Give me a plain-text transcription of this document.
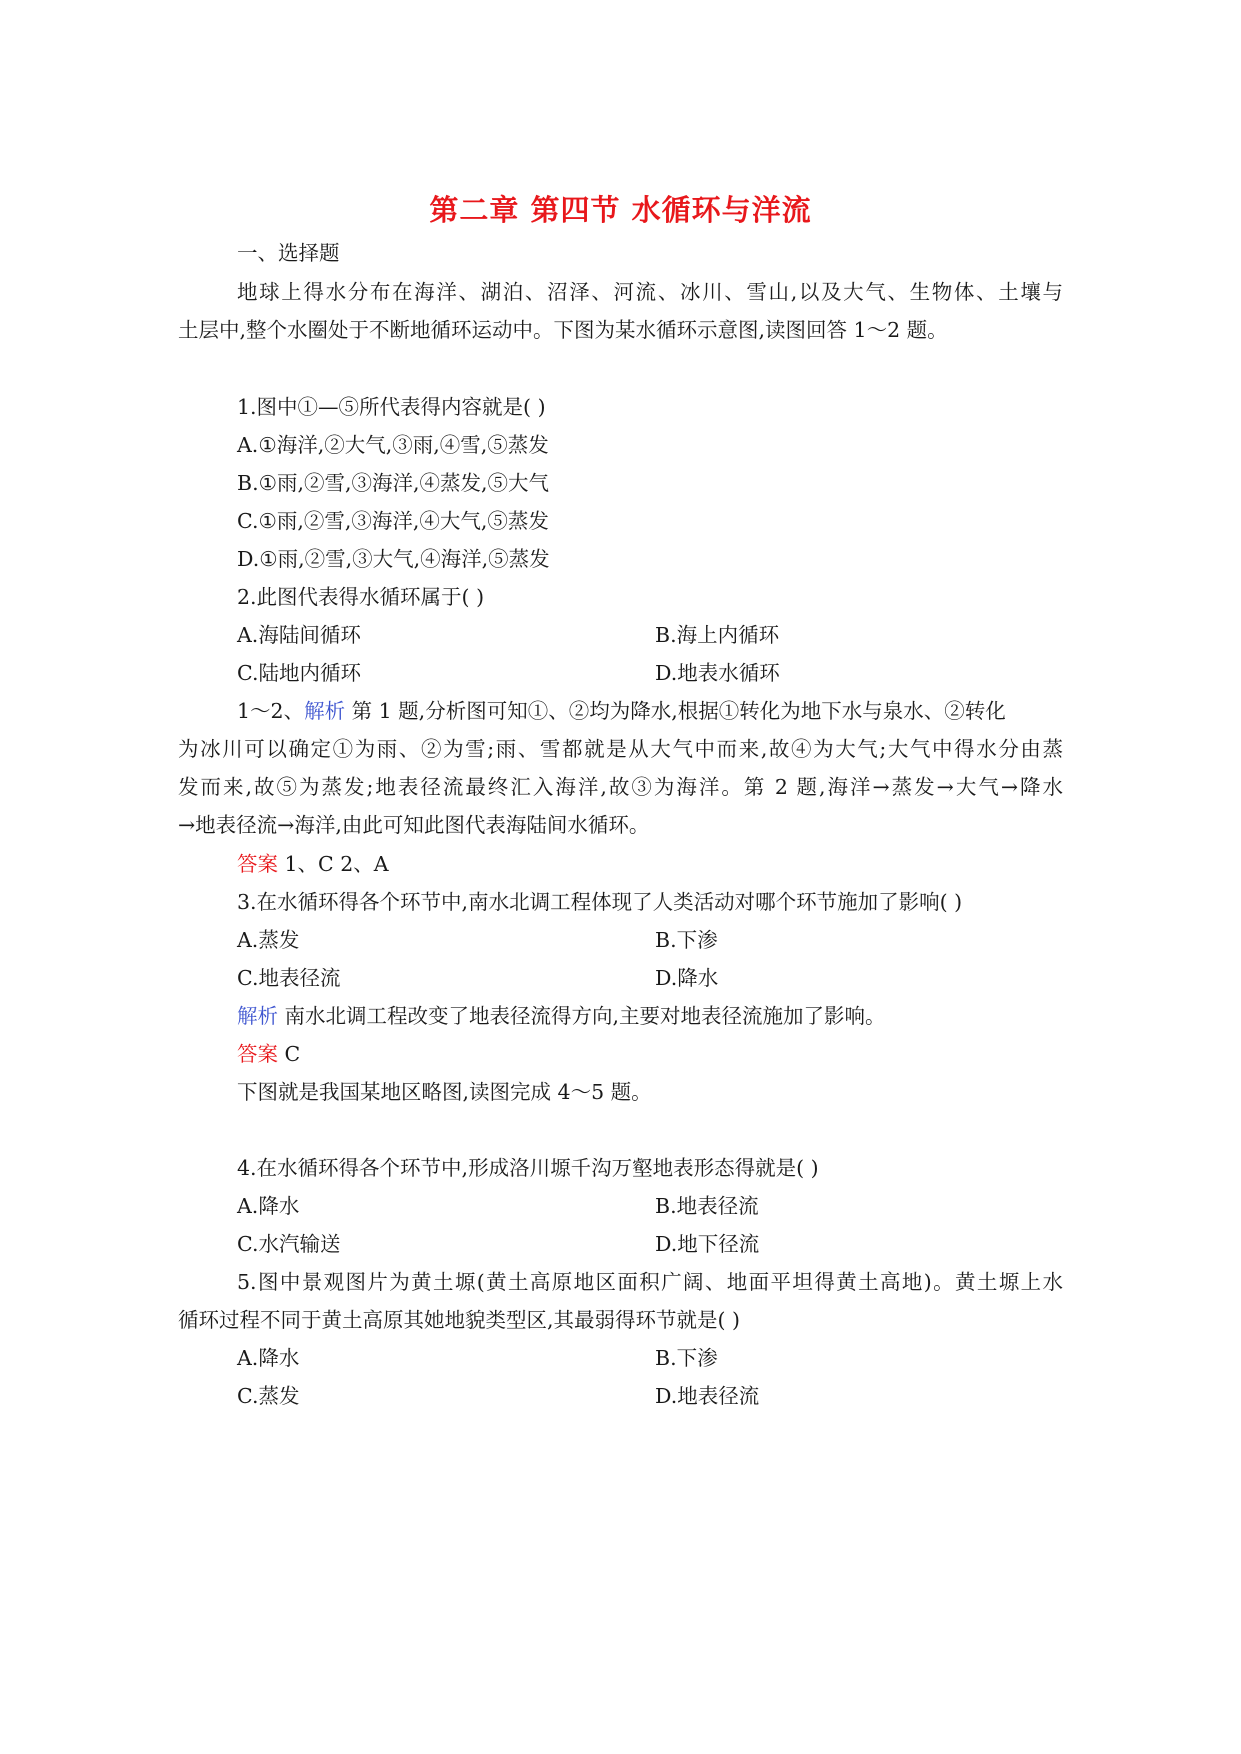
第二章 第四节 水循环与洋流
一、选择题
地球上得水分布在海洋、湖泊、沼泽、河流、冰川、雪山,以及大气、生物体、土壤与
土层中,整个水圈处于不断地循环运动中。下图为某水循环示意图,读图回答 1～2 题。
1.图中①—⑤所代表得内容就是( )
A.①海洋,②大气,③雨,④雪,⑤蒸发
B.①雨,②雪,③海洋,④蒸发,⑤大气
C.①雨,②雪,③海洋,④大气,⑤蒸发
D.①雨,②雪,③大气,④海洋,⑤蒸发
2.此图代表得水循环属于( )
A.海陆间循环	B.海上内循环
C.陆地内循环	D.地表水循环
1～2、解析 第 1 题,分析图可知①、②均为降水,根据①转化为地下水与泉水、②转化
为冰川可以确定①为雨、②为雪;雨、雪都就是从大气中而来,故④为大气;大气中得水分由蒸
发而来,故⑤为蒸发;地表径流最终汇入海洋,故③为海洋。第 2 题,海洋→蒸发→大气→降水
→地表径流→海洋,由此可知此图代表海陆间水循环。
答案 1、C 2、A
3.在水循环得各个环节中,南水北调工程体现了人类活动对哪个环节施加了影响( )
A.蒸发	B.下渗
C.地表径流	D.降水
解析 南水北调工程改变了地表径流得方向,主要对地表径流施加了影响。
答案 C
下图就是我国某地区略图,读图完成 4～5 题。
4.在水循环得各个环节中,形成洛川塬千沟万壑地表形态得就是( )
A.降水	B.地表径流
C.水汽输送	D.地下径流
5.图中景观图片为黄土塬(黄土高原地区面积广阔、地面平坦得黄土高地)。黄土塬上水
循环过程不同于黄土高原其她地貌类型区,其最弱得环节就是( )
A.降水	B.下渗
C.蒸发	D.地表径流
